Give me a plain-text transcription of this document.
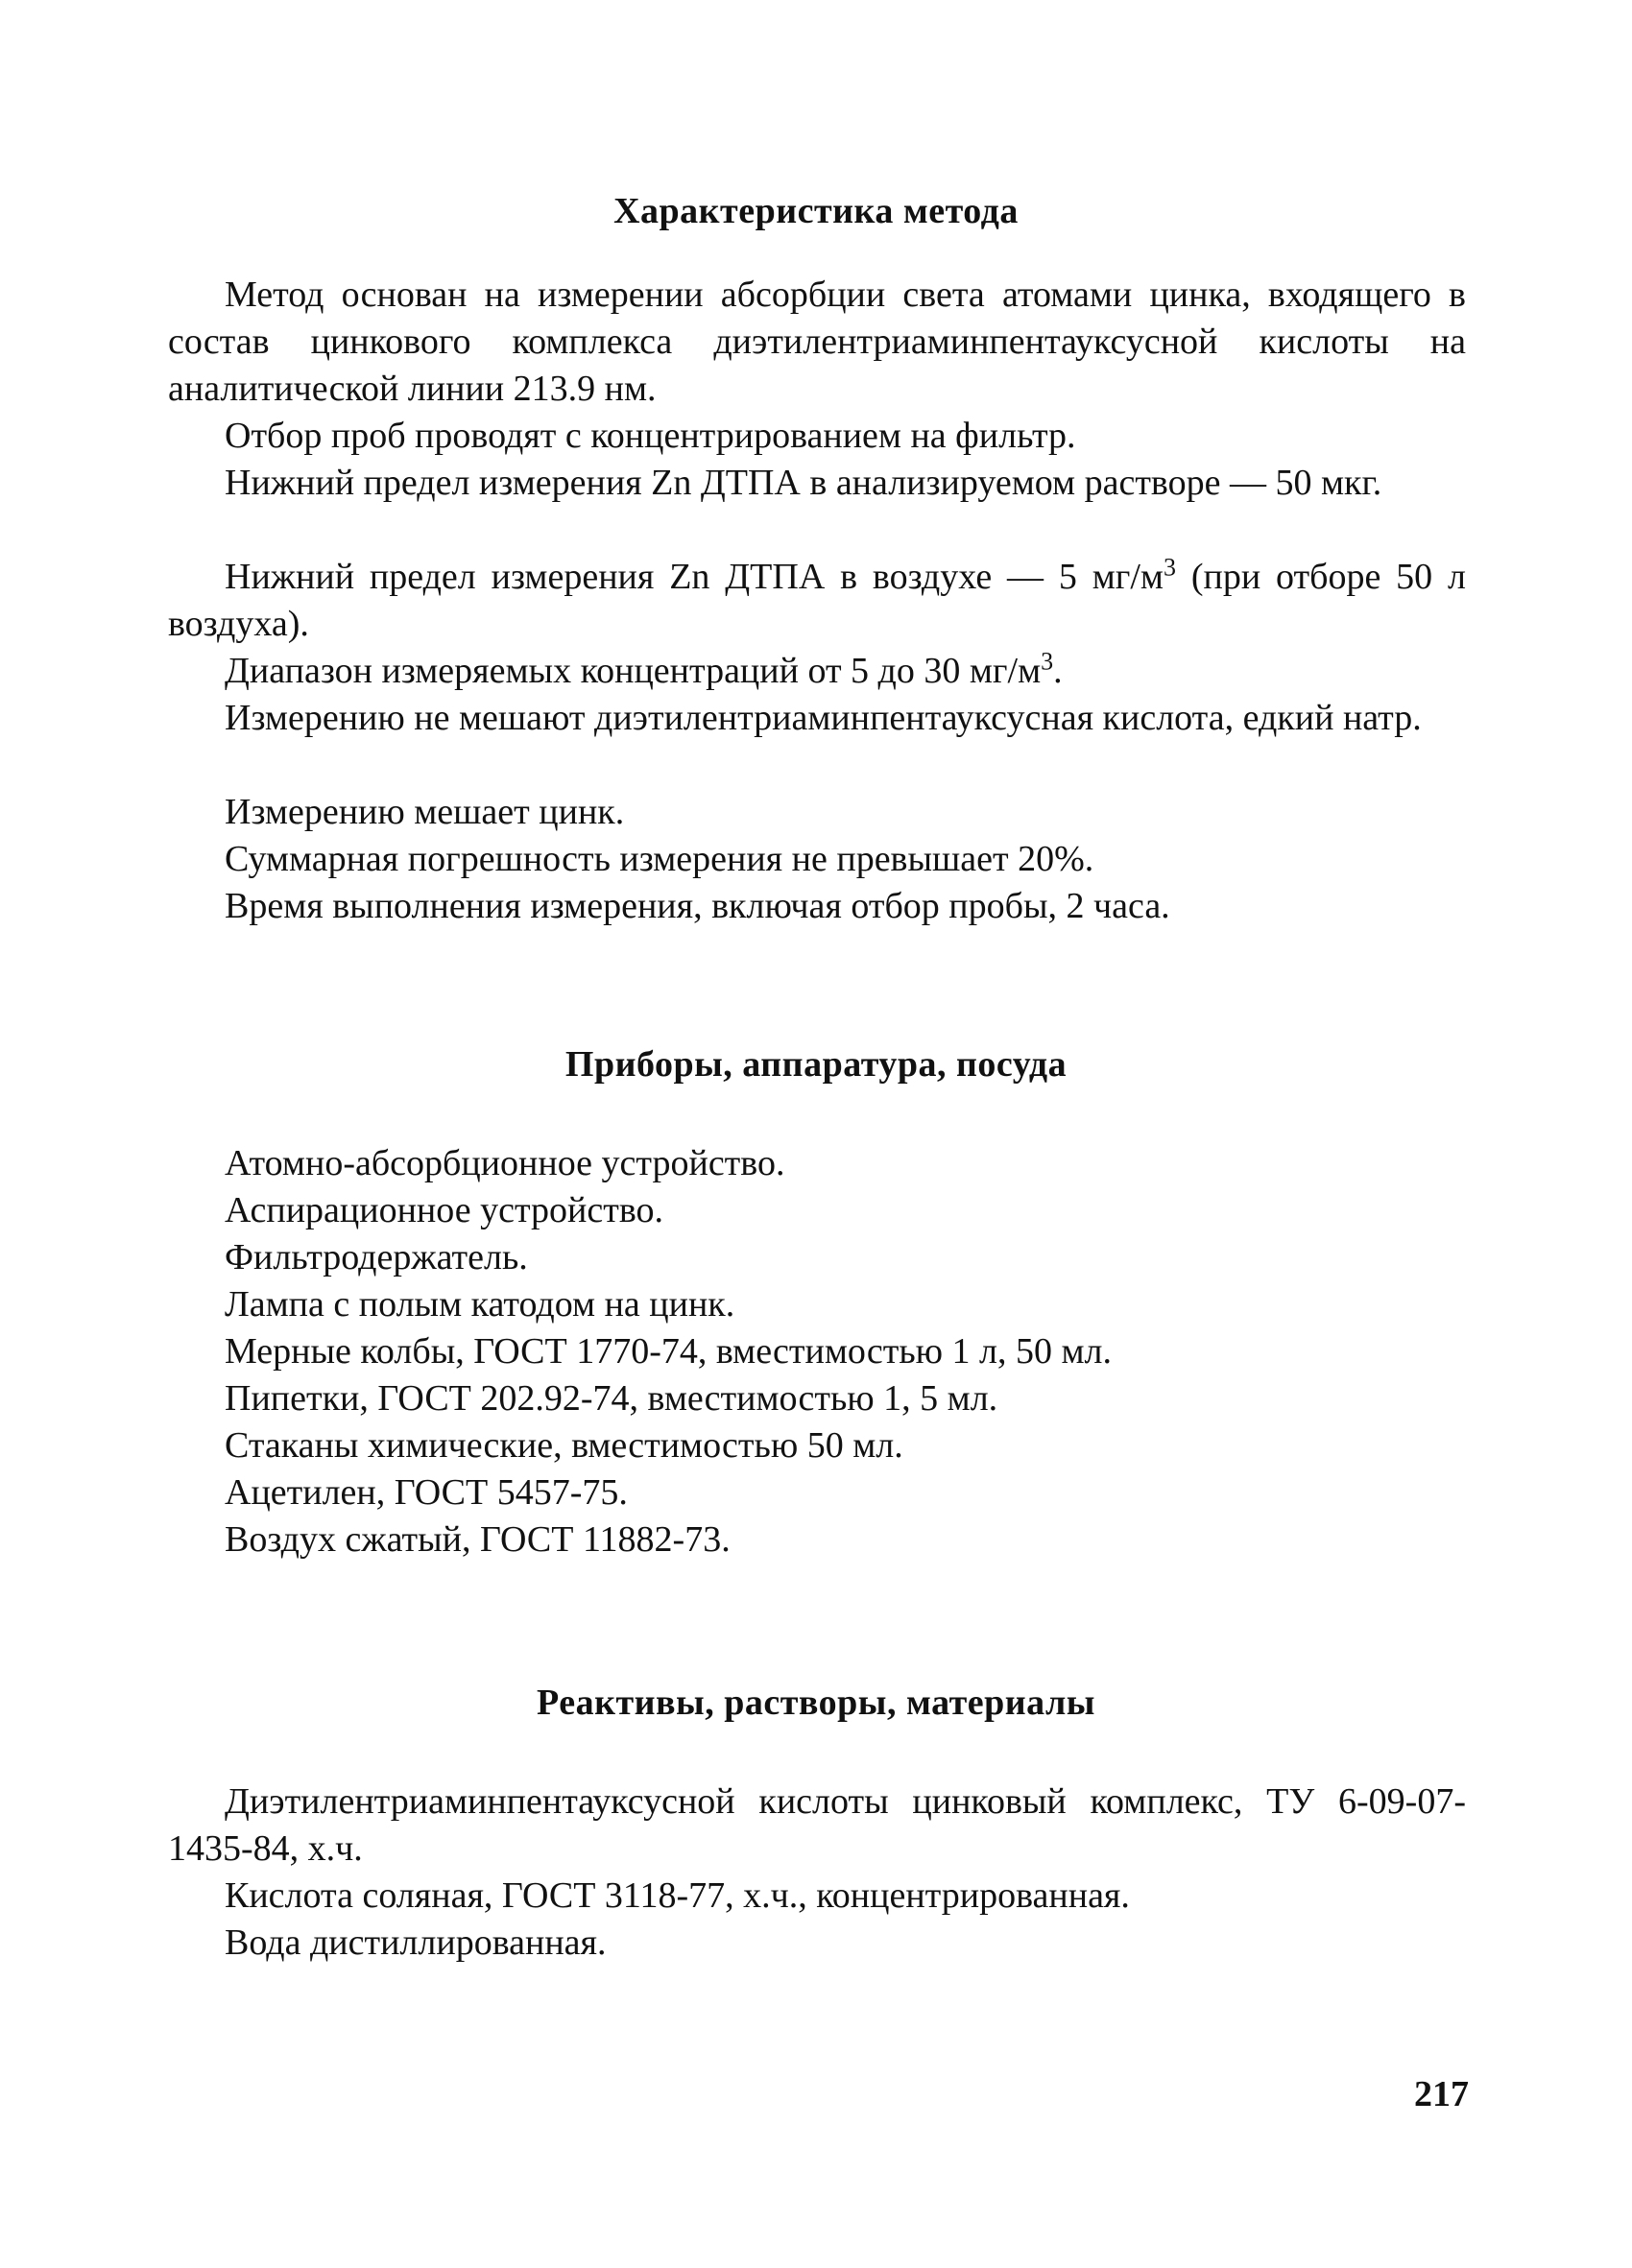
Характеристика метода

Метод основан на измерении абсорбции света атомами цинка, входящего в состав цинкового комплекса диэтилентриаминпентауксусной кислоты на аналитической линии 213.9 нм.

Отбор проб проводят с концентрированием на фильтр.

Нижний предел измерения Zn ДТПА в анализируемом растворе — 50 мкг.

Нижний предел измерения Zn ДТПА в воздухе — 5 $мг/м^3$ (при отборе 50 л воздуха).

Диапазон измеряемых концентраций от 5 до 30 $мг/м^3$.

Измерению не мешают диэтилентриаминпентауксусная кислота, едкий натр.

Измерению мешает цинк.

Суммарная погрешность измерения не превышает 20%.

Время выполнения измерения, включая отбор пробы, 2 часа.

Приборы, аппаратура, посуда

Атомно-абсорбционное устройство.

Аспирационное устройство.

Фильтродержатель.

Лампа с полым катодом на цинк.

Мерные колбы, ГОСТ 1770-74, вместимостью 1 л, 50 мл.

Пипетки, ГОСТ 202.92-74, вместимостью 1, 5 мл.

Стаканы химические, вместимостью 50 мл.

Ацетилен, ГОСТ 5457-75.

Воздух сжатый, ГОСТ 11882-73.

Реактивы, растворы, материалы

Диэтилентриаминпентауксусной кислоты цинковый комплекс, ТУ 6-09-07-1435-84, х.ч.

Кислота соляная, ГОСТ 3118-77, х.ч., концентрированная.

Вода дистиллированная.

217
